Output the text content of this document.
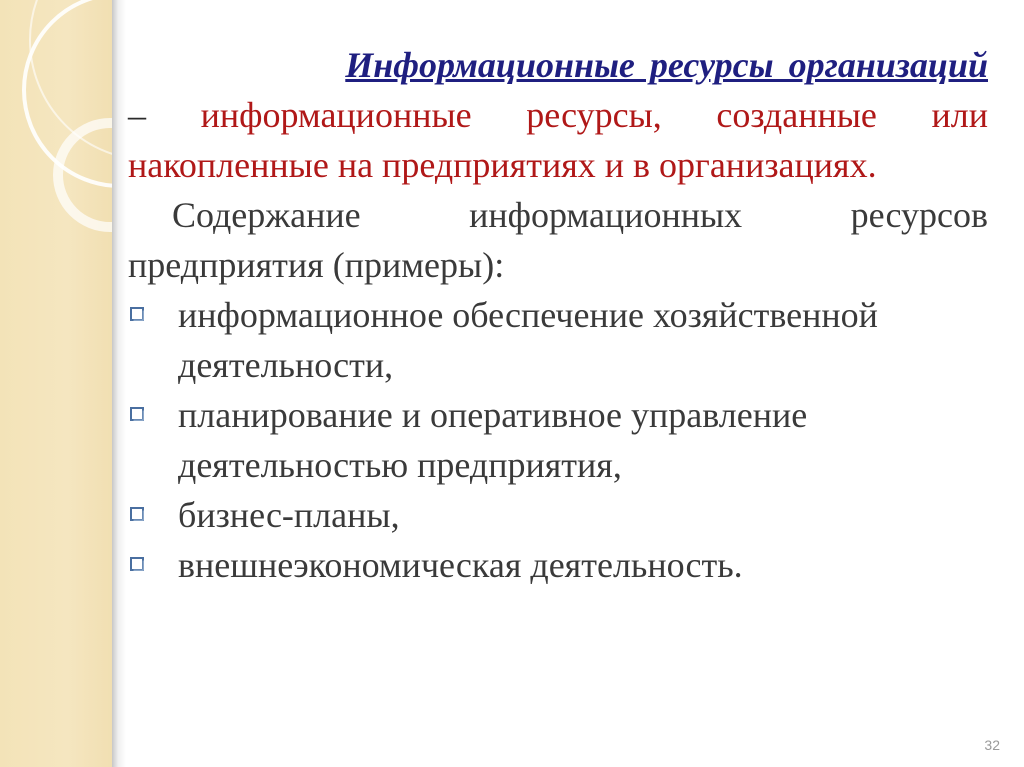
Информационные ресурсы организаций

– информационные ресурсы, созданные или накопленные на предприятиях и в организациях.

Содержание информационных ресурсов предприятия (примеры):

информационное обеспечение хозяйственной деятельности,
планирование и оперативное управление деятельностью предприятия,
бизнес-планы,
внешнеэкономическая деятельность.
32
